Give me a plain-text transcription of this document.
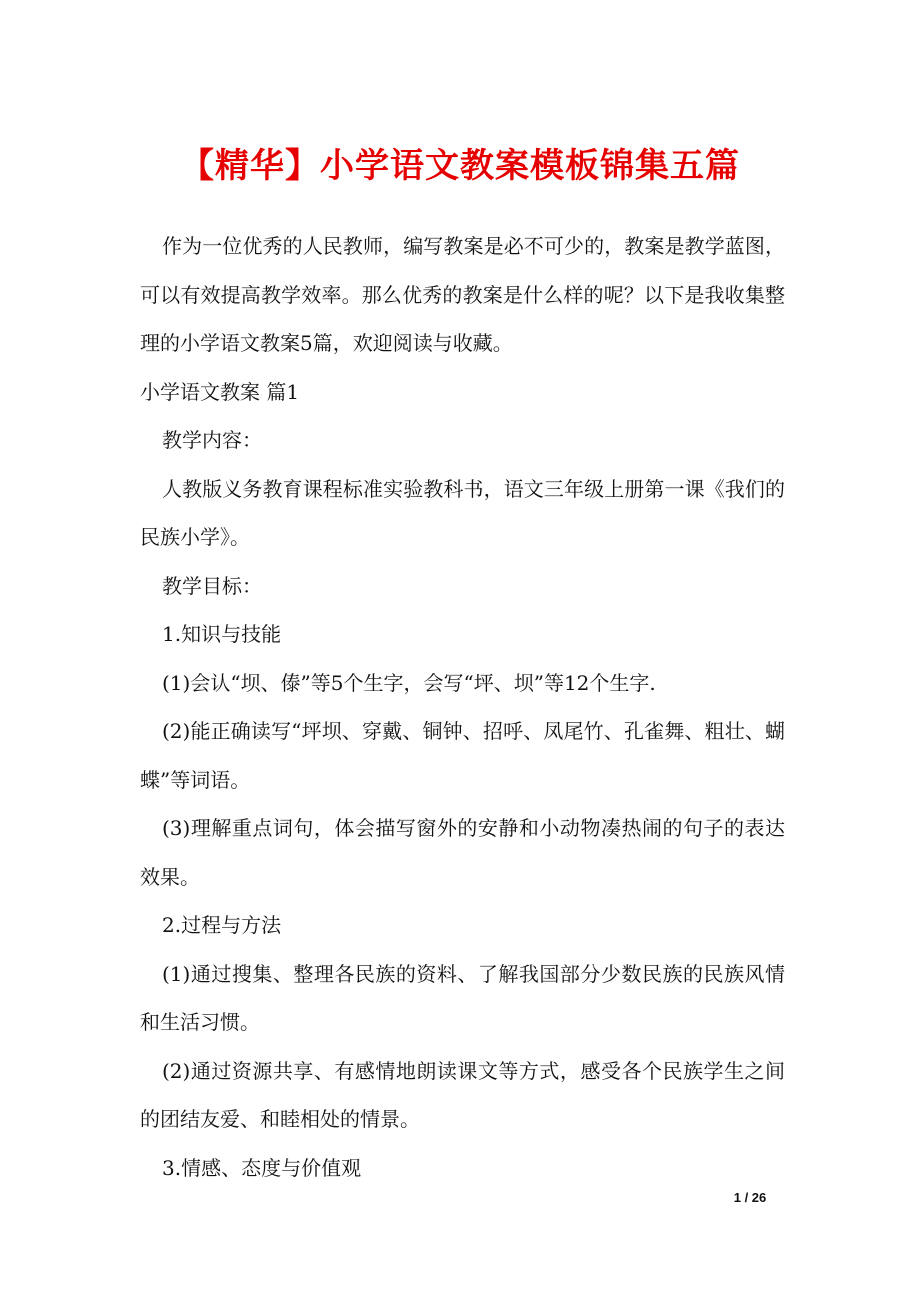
【精华】小学语文教案模板锦集五篇

作为一位优秀的人民教师，编写教案是必不可少的，教案是教学蓝图，可以有效提高教学效率。那么优秀的教案是什么样的呢？以下是我收集整理的小学语文教案5篇，欢迎阅读与收藏。

小学语文教案 篇1

教学内容：

人教版义务教育课程标准实验教科书，语文三年级上册第一课《我们的民族小学》。

教学目标：

1.知识与技能

(1)会认“坝、傣”等5个生字，会写“坪、坝”等12个生字.

(2)能正确读写“坪坝、穿戴、铜钟、招呼、凤尾竹、孔雀舞、粗壮、蝴蝶”等词语。

(3)理解重点词句，体会描写窗外的安静和小动物凑热闹的句子的表达效果。

2.过程与方法

(1)通过搜集、整理各民族的资料、了解我国部分少数民族的民族风情和生活习惯。

(2)通过资源共享、有感情地朗读课文等方式，感受各个民族学生之间的团结友爱、和睦相处的情景。

3.情感、态度与价值观

1 / 26
